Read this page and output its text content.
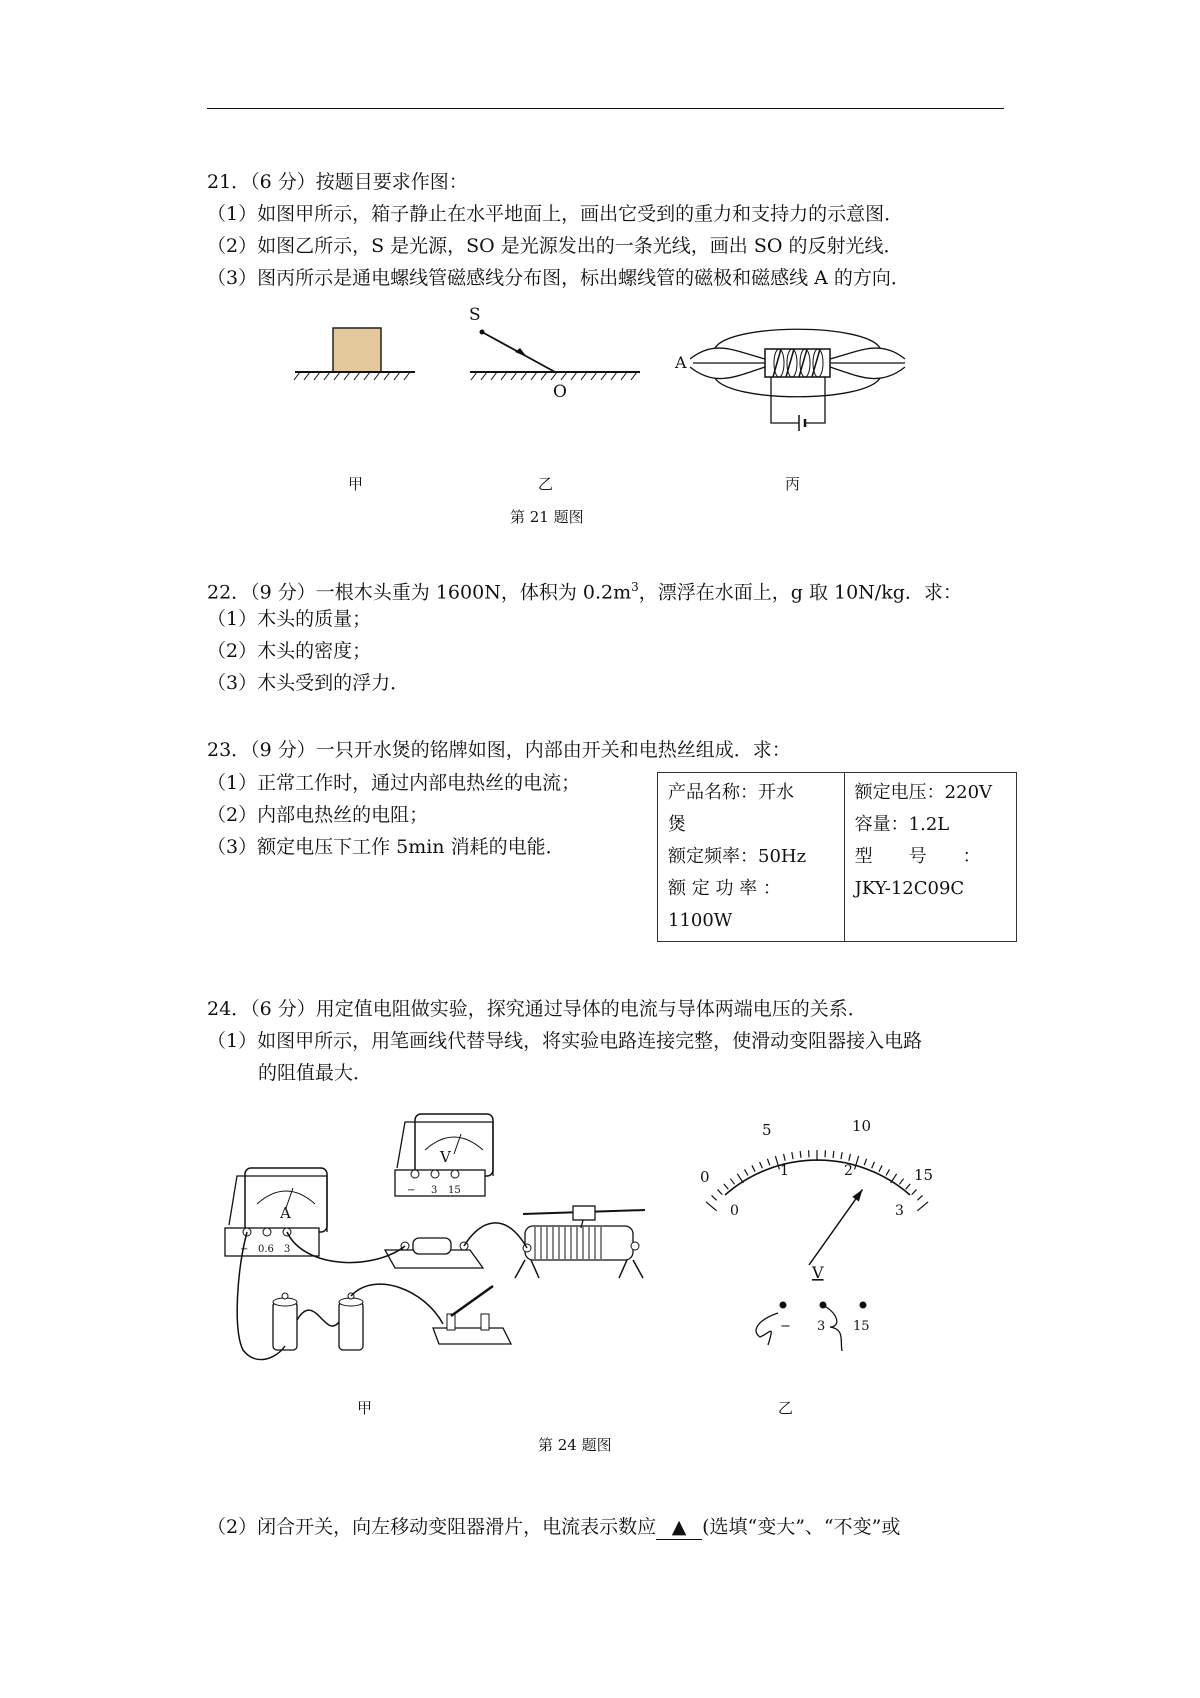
21．（6 分）按题目要求作图：
（1）如图甲所示，箱子静止在水平地面上，画出它受到的重力和支持力的示意图．
（2）如图乙所示，S 是光源，SO 是光源发出的一条光线，画出 SO 的反射光线．
（3）图丙所示是通电螺线管磁感线分布图，标出螺线管的磁极和磁感线 A 的方向．
S
O
A
甲	乙	丙
第 21 题图
22．（9 分）一根木头重为 1600N，体积为 $0.2m^3$，漂浮在水面上，g 取 10N/kg．求：
（1）木头的质量；
（2）木头的密度；
（3）木头受到的浮力．
23．（9 分）一只开水煲的铭牌如图，内部由开关和电热丝组成．求：
（1）正常工作时，通过内部电热丝的电流；
（2）内部电热丝的电阻；
（3）额定电压下工作 5min 消耗的电能．
产品名称：开水
煲
额定频率：50Hz
额 定 功 率 ：
1100W

额定电压：220V
容量：1.2L
型　　号　　：
JKY-12C09C
24．（6 分）用定值电阻做实验，探究通过导体的电流与导体两端电压的关系．
（1）如图甲所示，用笔画线代替导线，将实验电路连接完整，使滑动变阻器接入电路
的阻值最大．
V
− 3 15
A
− 0.6 3
0
5	10
15
0
1	2
3
V
− 3 15
甲	乙
第 24 题图
（2）闭合开关，向左移动变阻器滑片，电流表示数应 ▲ (选填“变大”、“不变”或
